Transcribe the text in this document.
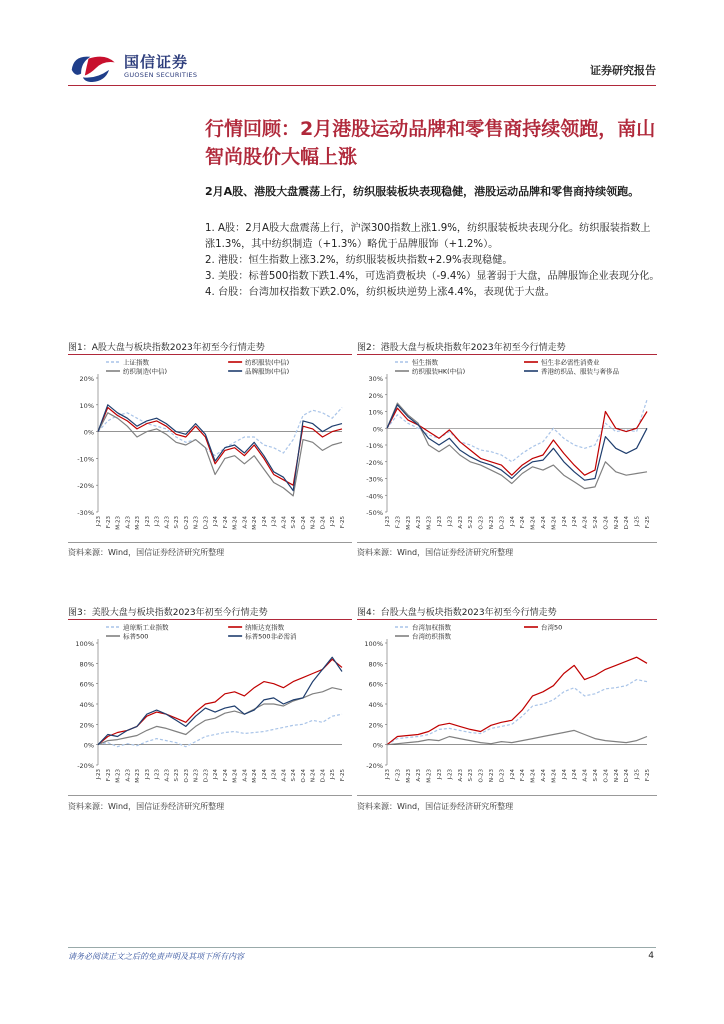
国信证券
GUOSEN SECURITIES	证券研究报告
行情回顾：2月港股运动品牌和零售商持续领跑，南山智尚股价大幅上涨
2月A股、港股大盘震荡上行，纺织服装板块表现稳健，港股运动品牌和零售商持续领跑。

1. A股：2月A股大盘震荡上行，沪深300指数上涨1.9%，纺织服装板块表现分化。纺织服装指数上涨1.3%，其中纺织制造（+1.3%）略优于品牌服饰（+1.2%）。

2. 港股：恒生指数上涨3.2%，纺织服装板块指数+2.9%表现稳健。

3. 美股：标普500指数下跌1.4%，可选消费板块（-9.4%）显著弱于大盘，品牌服饰企业表现分化。

4. 台股：台湾加权指数下跌2.0%，纺织板块逆势上涨4.4%，表现优于大盘。

图1：A股大盘与板块指数2023年初至今行情走势
20%
10%
0%
-10%
-20%
-30%
J-23 F-23 M-23 A-23 M-23 J-23 J-23 A-23 S-23 O-23 N-23 D-23 J-24 F-24 M-24 A-24 M-24 J-24 J-24 A-24 S-24 O-24 N-24 D-24 J-25 F-25
上证指数	纺织服装(中信)
纺织制造(中信)	品牌服饰(中信)
资料来源：Wind，国信证券经济研究所整理
图2：港股大盘与板块指数年2023年初至今行情走势
30%
20%
10%
0%
-10%
-20%
-30%
-40%
-50%
J-23 F-23 M-23 A-23 M-23 J-23 J-23 A-23 S-23 O-23 N-23 D-23 J-24 F-24 M-24 A-24 M-24 J-24 J-24 A-24 S-24 O-24 N-24 D-24 J-25 F-25
恒生指数	恒生非必需性消费业
纺织服装HK(中信)	香港纺织品、服装与奢侈品
资料来源：Wind，国信证券经济研究所整理
图3：美股大盘与板块指数2023年初至今行情走势
100%
80%
60%
40%
20%
0%
-20%
J-23 F-23 M-23 A-23 M-23 J-23 J-23 A-23 S-23 O-23 N-23 D-23 J-24 F-24 M-24 A-24 M-24 J-24 J-24 A-24 S-24 O-24 N-24 D-24 J-25 F-25
道琼斯工业指数	纳斯达克指数
标普500	标普500非必需消
资料来源：Wind，国信证券经济研究所整理
图4：台股大盘与板块指数2023年初至今行情走势
100%
80%
60%
40%
20%
0%
-20%
J-23 F-23 M-23 A-23 M-23 J-23 J-23 A-23 S-23 O-23 N-23 D-23 J-24 F-24 M-24 A-24 M-24 J-24 J-24 A-24 S-24 O-24 N-24 D-24 J-25 F-25
台湾加权指数	台湾50
台湾纺织指数
资料来源：Wind，国信证券经济研究所整理
请务必阅读正文之后的免责声明及其项下所有内容	4
